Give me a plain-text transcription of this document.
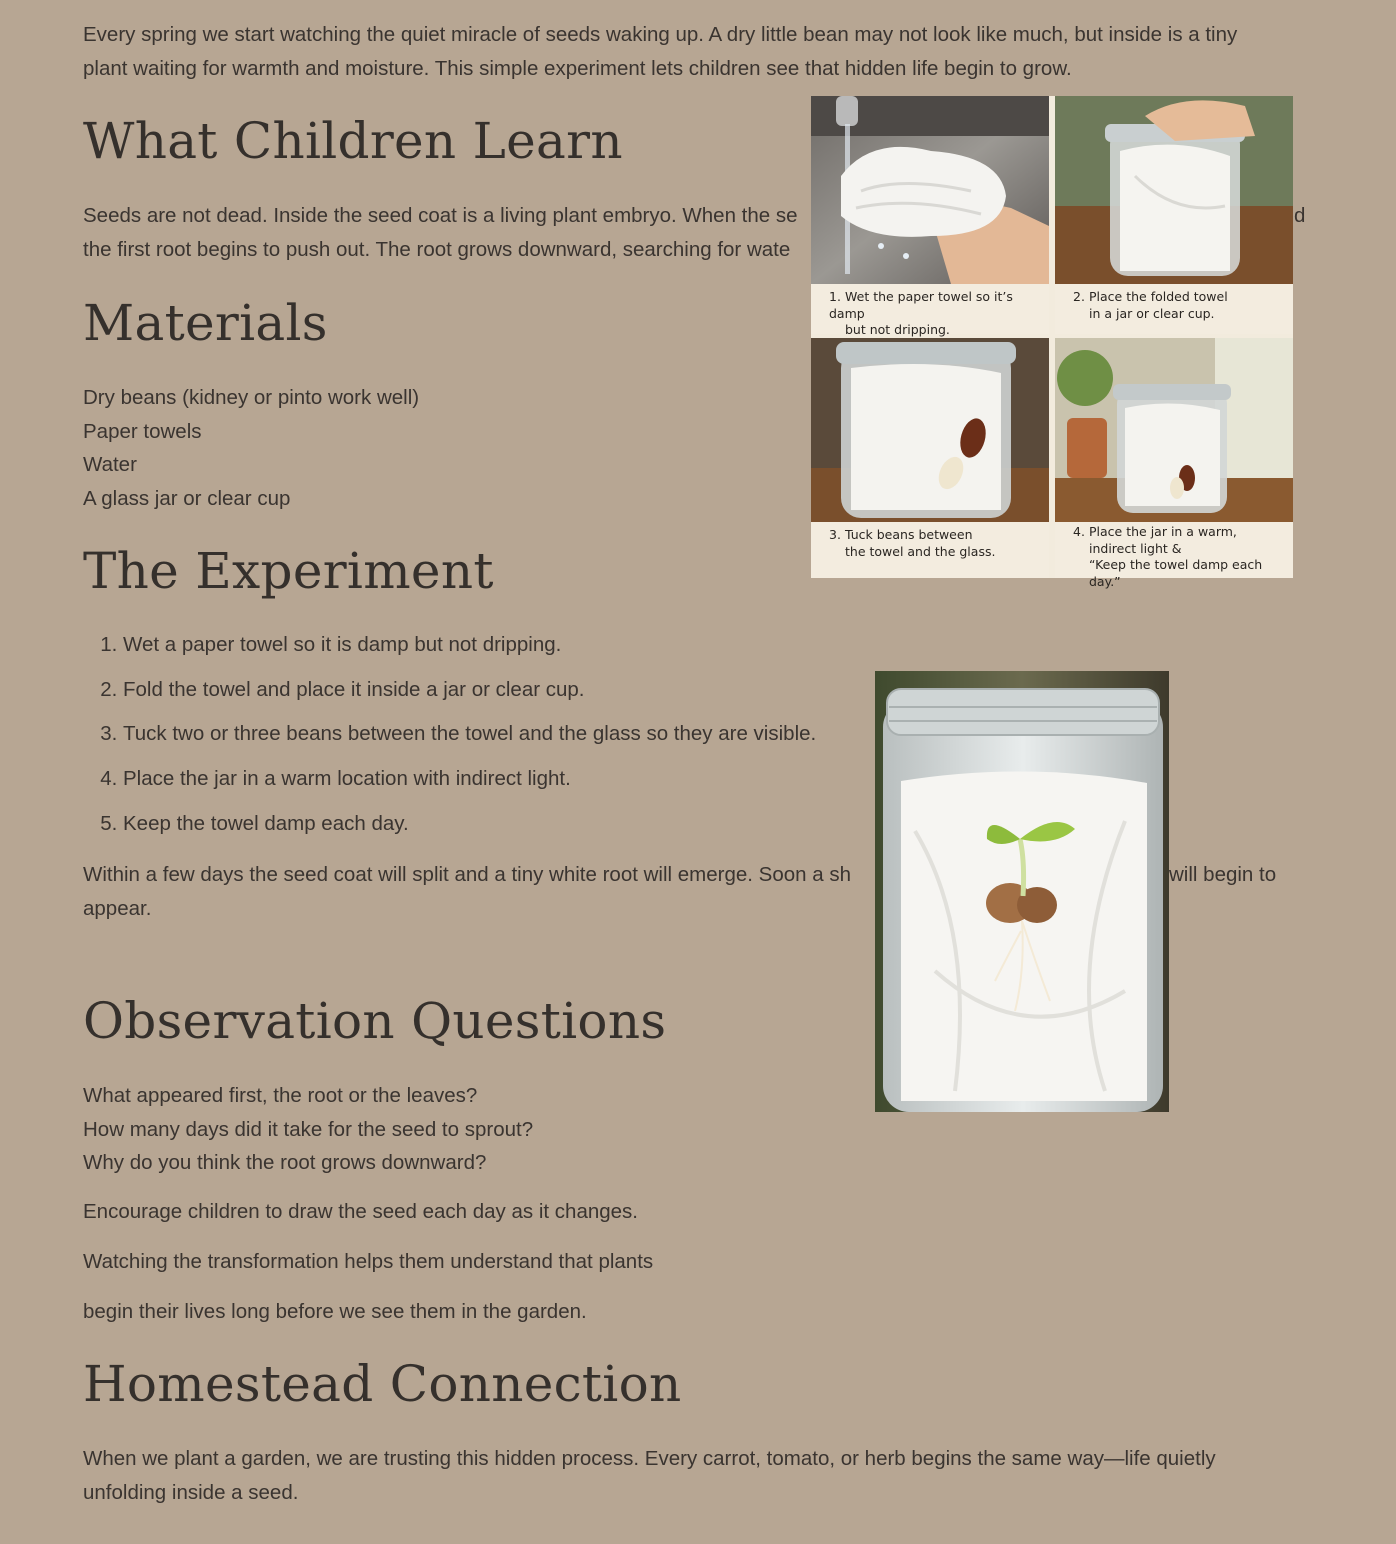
Every spring we start watching the quiet miracle of seeds waking up. A dry little bean may not look like much, but inside is a tiny
plant waiting for warmth and moisture. This simple experiment lets children see that hidden life begin to grow.

What Children Learn

Seeds are not dead. Inside the seed coat is a living plant embryo. When the se
the first root begins to push out. The root grows downward, searching for wate

d
Materials
Dry beans (kidney or pinto work well)
Paper towels
Water
A glass jar or clear cup
The Experiment
1. Wet a paper towel so it is damp but not dripping.
2. Fold the towel and place it inside a jar or clear cup.
3. Tuck two or three beans between the towel and the glass so they are visible.
4. Place the jar in a warm location with indirect light.
5. Keep the towel damp each day.

Within a few days the seed coat will split and a tiny white root will emerge. Soon a sh
appear.

will begin to
Observation Questions
What appeared first, the root or the leaves?
How many days did it take for the seed to sprout?
Why do you think the root grows downward?

Encourage children to draw the seed each day as it changes.

Watching the transformation helps them understand that plants

begin their lives long before we see them in the garden.

Homestead Connection

When we plant a garden, we are trusting this hidden process. Every carrot, tomato, or herb begins the same way—life quietly
unfolding inside a seed.

1. Wet the paper towel so it’s damp
but not dripping.
2. Place the folded towel
in a jar or clear cup.
3. Tuck beans between
the towel and the glass.
4. Place the jar in a warm,
indirect light &
“Keep the towel damp each day.”
